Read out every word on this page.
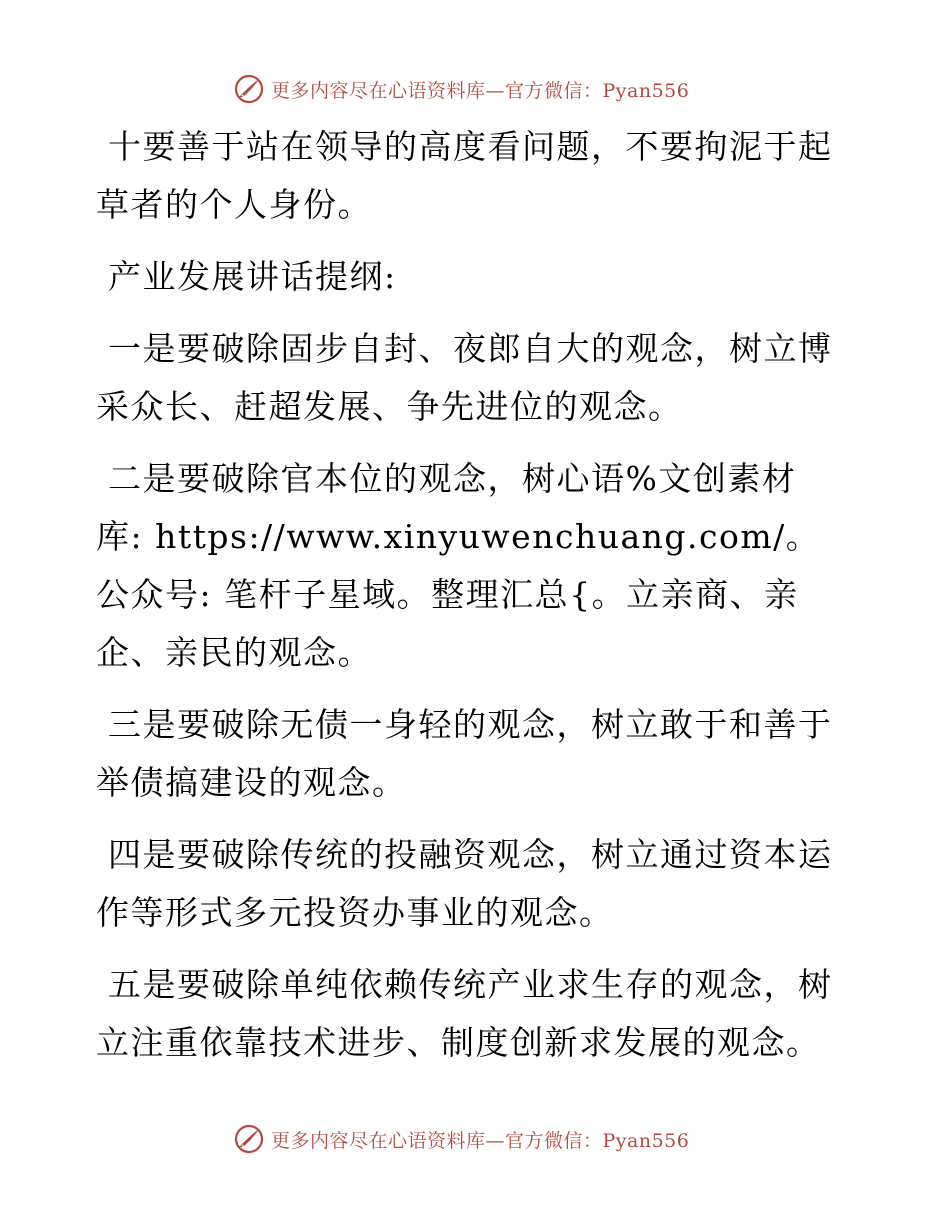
更多内容尽在心语资料库—官方微信：Pyan556

十要善于站在领导的高度看问题，不要拘泥于起草者的个人身份。

产业发展讲话提纲:

一是要破除固步自封、夜郎自大的观念，树立博采众长、赶超发展、争先进位的观念。

二是要破除官本位的观念，树心语%文创素材库: https://www.xinyuwenchuang.com/。公众号: 笔杆子星域。整理汇总{。立亲商、亲企、亲民的观念。

三是要破除无债一身轻的观念，树立敢于和善于举债搞建设的观念。

四是要破除传统的投融资观念，树立通过资本运作等形式多元投资办事业的观念。

五是要破除单纯依赖传统产业求生存的观念，树立注重依靠技术进步、制度创新求发展的观念。

更多内容尽在心语资料库—官方微信：Pyan556
